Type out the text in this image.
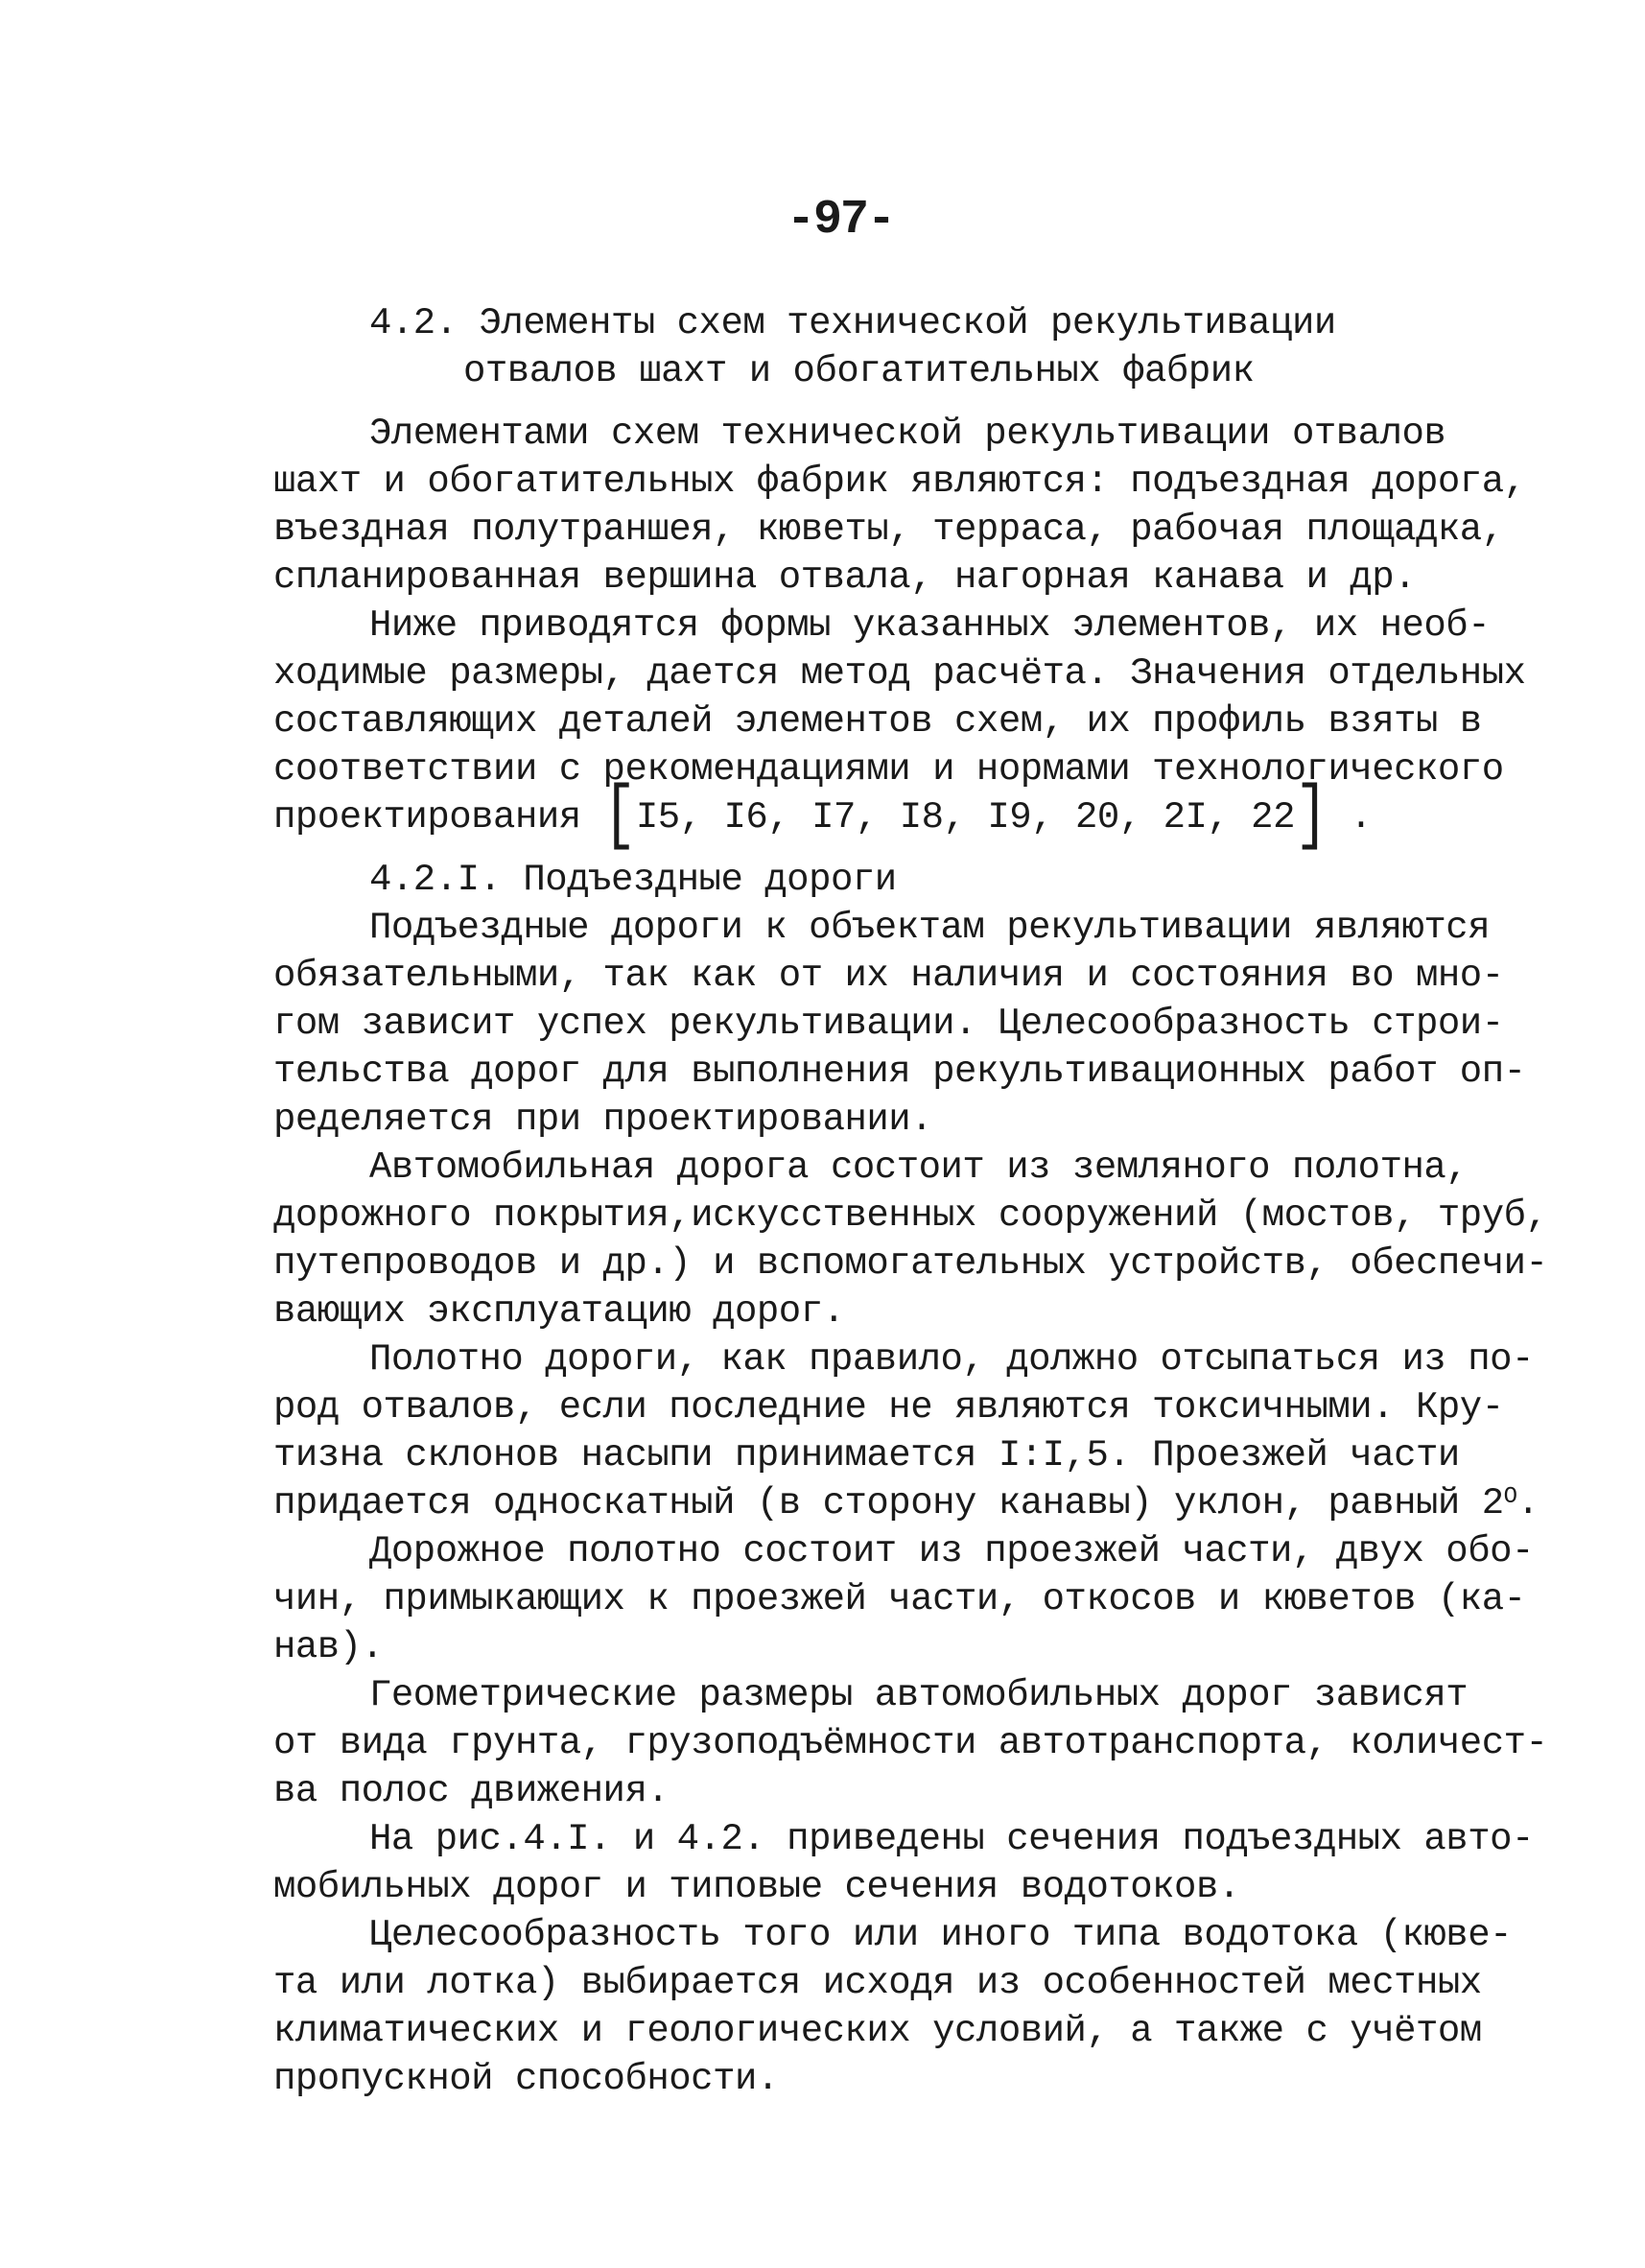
-97-
4.2. Элементы схем технической рекультивации
отвалов шахт и обогатительных фабрик
Элементами схем технической рекультивации отвалов
шахт и обогатительных фабрик являются: подъездная дорога,
въездная полутраншея, кюветы, терраса, рабочая площадка,
спланированная вершина отвала, нагорная канава и др.
Ниже приводятся формы указанных элементов, их необ-
ходимые размеры, дается метод расчёта. Значения отдельных
составляющих деталей элементов схем, их профиль взяты в
соответствии с рекомендациями и нормами технологического
проектирования [I5, I6, I7, I8, I9, 20, 2I, 22] .
4.2.I. Подъездные дороги
Подъездные дороги к объектам рекультивации являются
обязательными, так как от их наличия и состояния во мно-
гом зависит успех рекультивации. Целесообразность строи-
тельства дорог для выполнения рекультивационных работ оп-
ределяется при проектировании.
Автомобильная дорога состоит из земляного полотна,
дорожного покрытия,искусственных сооружений (мостов, труб,
путепроводов и др.) и вспомогательных устройств, обеспечи-
вающих эксплуатацию дорог.
Полотно дороги, как правило, должно отсыпаться из по-
род отвалов, если последние не являются токсичными. Кру-
тизна склонов насыпи принимается I:I,5. Проезжей части
придается односкатный (в сторону канавы) уклон, равный $2^О$.
Дорожное полотно состоит из проезжей части, двух обо-
чин, примыкающих к проезжей части, откосов и кюветов (ка-
нав).
Геометрические размеры автомобильных дорог зависят
от вида грунта, грузоподъёмности автотранспорта, количест-
ва полос движения.
На рис.4.I. и 4.2. приведены сечения подъездных авто-
мобильных дорог и типовые сечения водотоков.
Целесообразность того или иного типа водотока (кюве-
та или лотка) выбирается исходя из особенностей местных
климатических и геологических условий, а также с учётом
пропускной способности.
